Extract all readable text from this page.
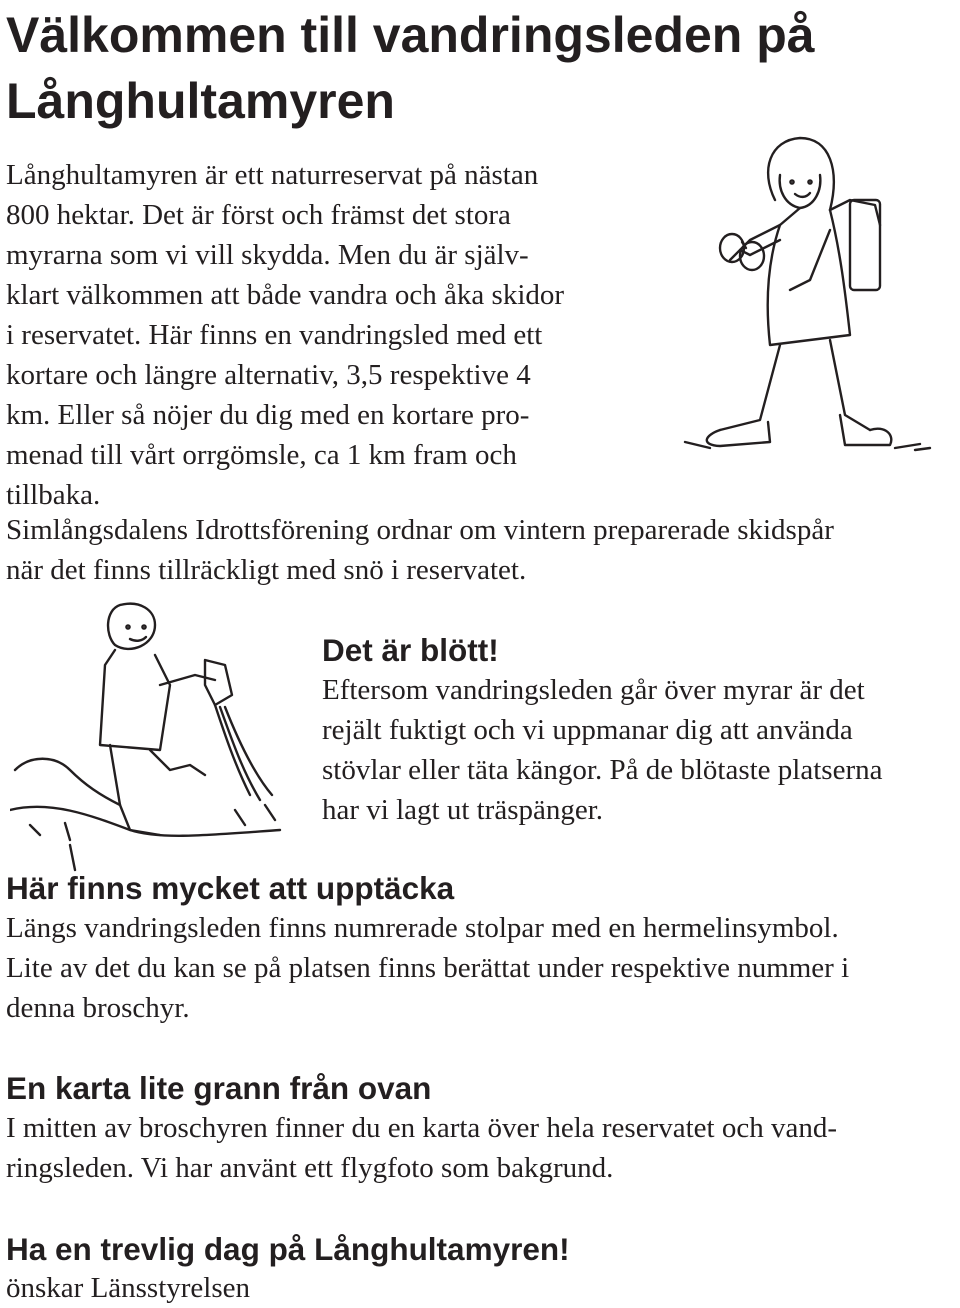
Välkommen till vandringsleden på
Långhultamyren
Långhultamyren är ett naturreservat på nästan
800 hektar. Det är först och främst det stora
myrarna som vi vill skydda. Men du är själv-
klart välkommen att både vandra och åka skidor
i reservatet. Här finns en vandringsled med ett
kortare och längre alternativ, 3,5 respektive 4
km. Eller så nöjer du dig med en kortare pro-
menad till vårt orrgömsle, ca 1 km fram och
tillbaka.
Simlångsdalens Idrottsförening ordnar om vintern preparerade skidspår
när det finns tillräckligt med snö i reservatet.
Det är blött!
Eftersom vandringsleden går över myrar är det
rejält fuktigt och vi uppmanar dig att använda
stövlar eller täta kängor. På de blötaste platserna
har vi lagt ut träspänger.
Här finns mycket att upptäcka
Längs vandringsleden finns numrerade stolpar med en hermelinsymbol.
Lite av det du kan se på platsen finns berättat under respektive nummer i
denna broschyr.
En karta lite grann från ovan
I mitten av broschyren finner du en karta över hela reservatet och vand-
ringsleden. Vi har använt ett flygfoto som bakgrund.
Ha en trevlig dag på Långhultamyren!
önskar Länsstyrelsen
